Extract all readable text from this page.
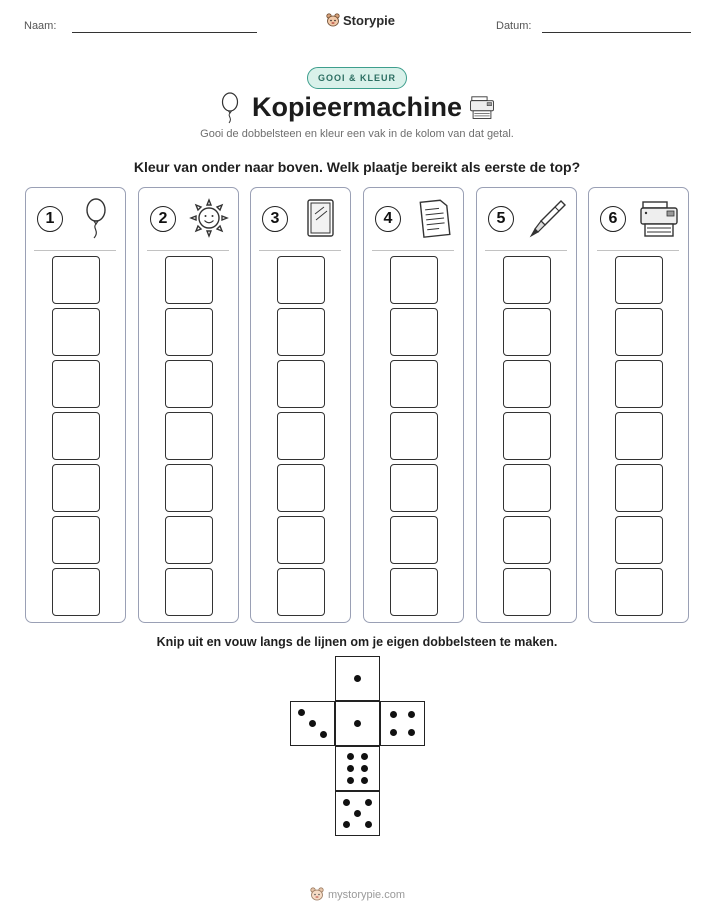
Naam:	Storypie	Datum:
GOOI & KLEUR
Kopieermachine
Gooi de dobbelsteen en kleur een vak in de kolom van dat getal.
Kleur van onder naar boven. Welk plaatje bereikt als eerste de top?
1	2	3	4	5	6
Knip uit en vouw langs de lijnen om je eigen dobbelsteen te maken.
mystorypie.com
